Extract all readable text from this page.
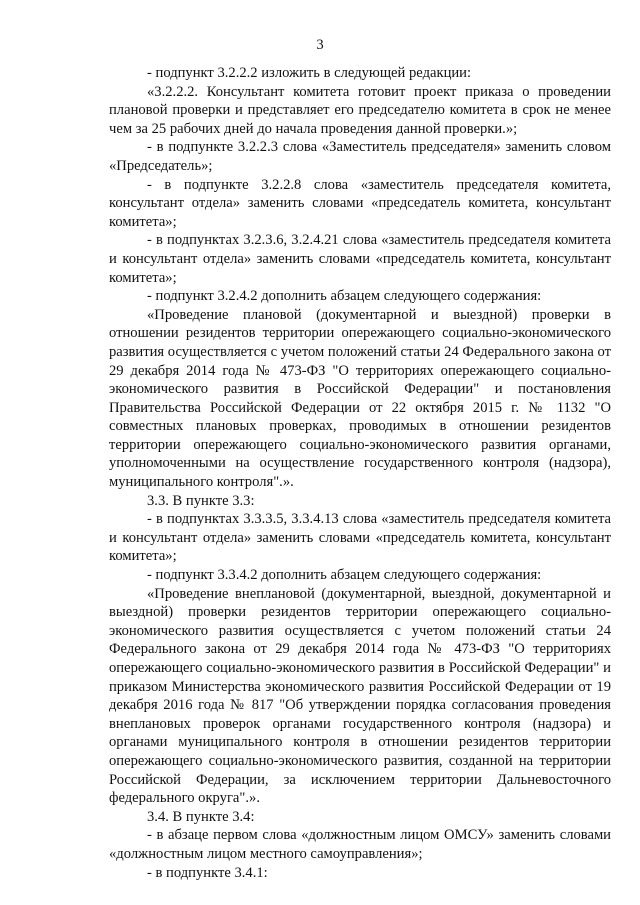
3

- подпункт 3.2.2.2 изложить в следующей редакции:

«3.2.2.2. Консультант комитета готовит проект приказа о проведении плановой проверки и представляет его председателю комитета в срок не менее чем за 25 рабочих дней до начала проведения данной проверки.»;

- в подпункте 3.2.2.3 слова «Заместитель председателя» заменить словом «Председатель»;

- в подпункте 3.2.2.8 слова «заместитель председателя комитета, консультант отдела» заменить словами «председатель комитета, консультант комитета»;

- в подпунктах 3.2.3.6, 3.2.4.21 слова «заместитель председателя комитета и консультант отдела» заменить словами «председатель комитета, консультант комитета»;

- подпункт 3.2.4.2 дополнить абзацем следующего содержания:

«Проведение плановой (документарной и выездной) проверки в отношении резидентов территории опережающего социально-экономического развития осуществляется с учетом положений статьи 24 Федерального закона от 29 декабря 2014 года № 473-ФЗ "О территориях опережающего социально-экономического развития в Российской Федерации" и постановления Правительства Российской Федерации от 22 октября 2015 г. № 1132 "О совместных плановых проверках, проводимых в отношении резидентов территории опережающего социально-экономического развития органами, уполномоченными на осуществление государственного контроля (надзора), муниципального контроля".».

3.3. В пункте 3.3:

- в подпунктах 3.3.3.5, 3.3.4.13 слова «заместитель председателя комитета и консультант отдела» заменить словами «председатель комитета, консультант комитета»;

- подпункт 3.3.4.2 дополнить абзацем следующего содержания:

«Проведение внеплановой (документарной, выездной, документарной и выездной) проверки резидентов территории опережающего социально-экономического развития осуществляется с учетом положений статьи 24 Федерального закона от 29 декабря 2014 года № 473-ФЗ "О территориях опережающего социально-экономического развития в Российской Федерации" и приказом Министерства экономического развития Российской Федерации от 19 декабря 2016 года № 817 "Об утверждении порядка согласования проведения внеплановых проверок органами государственного контроля (надзора) и органами муниципального контроля в отношении резидентов территории опережающего социально-экономического развития, созданной на территории Российской Федерации, за исключением территории Дальневосточного федерального округа".».

3.4. В пункте 3.4:

- в абзаце первом слова «должностным лицом ОМСУ» заменить словами «должностным лицом местного самоуправления»;

- в подпункте 3.4.1:
